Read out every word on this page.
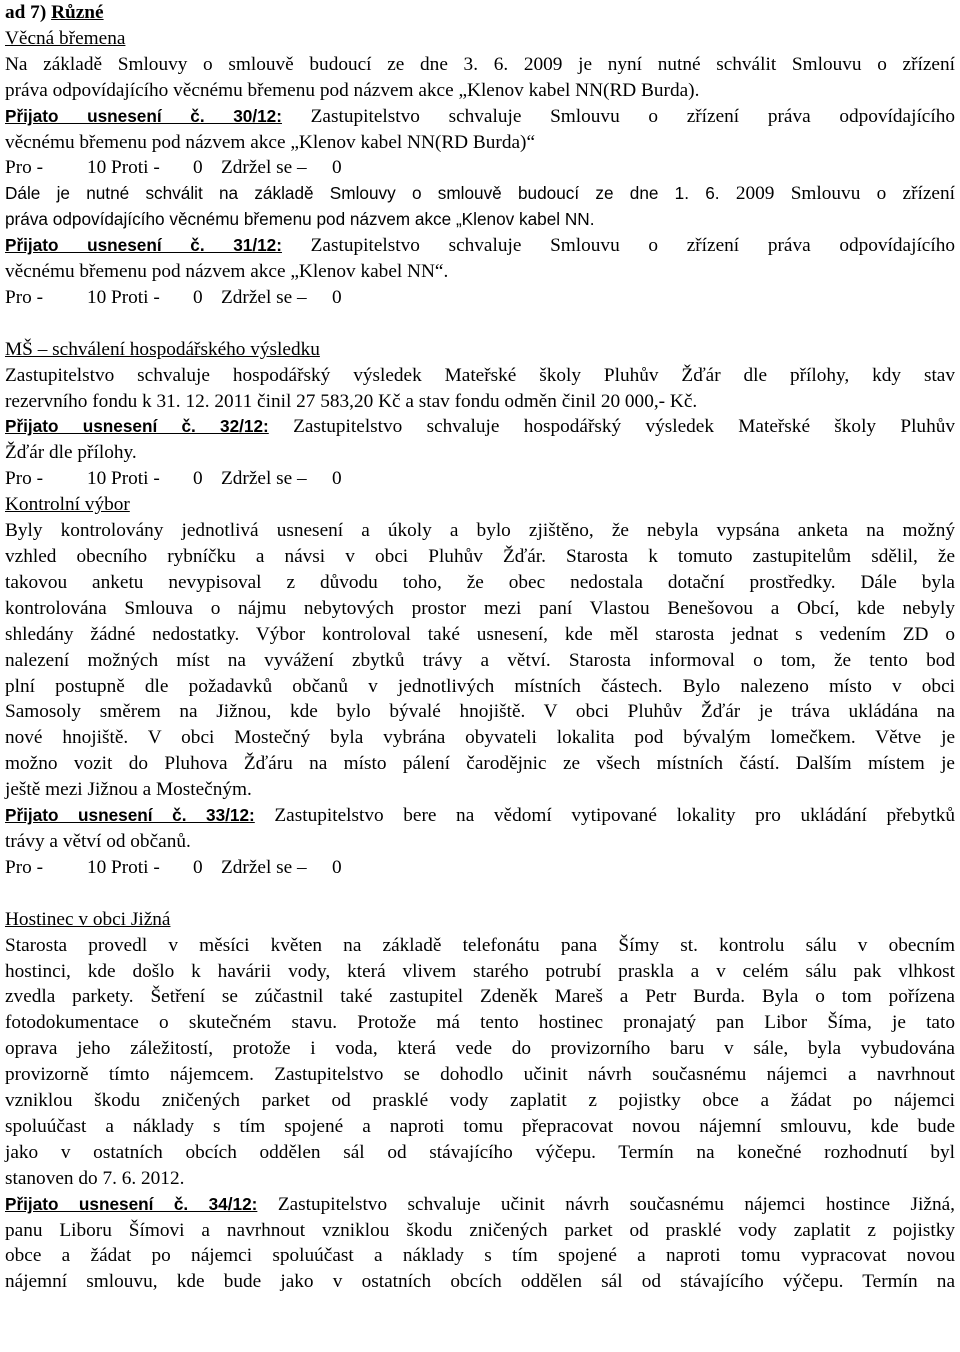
ad 7) Různé
Věcná břemena
Na základě Smlouvy o smlouvě budoucí ze dne 3. 6. 2009 je nyní nutné schválit Smlouvu o zřízení
práva odpovídajícího věcnému břemenu pod názvem akce „Klenov kabel NN(RD Burda).
Přijato usnesení č. 30/12: Zastupitelstvo schvaluje Smlouvu o zřízení práva odpovídajícího
věcnému břemenu pod názvem akce „Klenov kabel NN(RD Burda)“
Pro - 10 Proti - 0 Zdržel se – 0
Dále je nutné schválit na základě Smlouvy o smlouvě budoucí ze dne 1. 6. 2009 Smlouvu o zřízení
práva odpovídajícího věcnému břemenu pod názvem akce „Klenov kabel NN.
Přijato usnesení č. 31/12: Zastupitelstvo schvaluje Smlouvu o zřízení práva odpovídajícího
věcnému břemenu pod názvem akce „Klenov kabel NN“.
Pro - 10 Proti - 0 Zdržel se – 0
MŠ – schválení hospodářského výsledku
Zastupitelstvo schvaluje hospodářský výsledek Mateřské školy Pluhův Žďár dle přílohy, kdy stav
rezervního fondu k 31. 12. 2011 činil 27 583,20 Kč a stav fondu odměn činil 20 000,- Kč.
Přijato usnesení č. 32/12: Zastupitelstvo schvaluje hospodářský výsledek Mateřské školy Pluhův
Žďár dle přílohy.
Pro - 10 Proti - 0 Zdržel se – 0
Kontrolní výbor
Byly kontrolovány jednotlivá usnesení a úkoly a bylo zjištěno, že nebyla vypsána anketa na možný
vzhled obecního rybníčku a návsi v obci Pluhův Žďár. Starosta k tomuto zastupitelům sdělil, že
takovou anketu nevypisoval z důvodu toho, že obec nedostala dotační prostředky. Dále byla
kontrolována Smlouva o nájmu nebytových prostor mezi paní Vlastou Benešovou a Obcí, kde nebyly
shledány žádné nedostatky. Výbor kontroloval také usnesení, kde měl starosta jednat s vedením ZD o
nalezení možných míst na vyvážení zbytků trávy a větví. Starosta informoval o tom, že tento bod
plní postupně dle požadavků občanů v jednotlivých místních částech. Bylo nalezeno místo v obci
Samosoly směrem na Jižnou, kde bylo bývalé hnojiště. V obci Pluhův Žďár je tráva ukládána na
nové hnojiště. V obci Mostečný byla vybrána obyvateli lokalita pod bývalým lomečkem. Větve je
možno vozit do Pluhova Žďáru na místo pálení čarodějnic ze všech místních částí. Dalším místem je
ještě mezi Jižnou a Mostečným.
Přijato usnesení č. 33/12: Zastupitelstvo bere na vědomí vytipované lokality pro ukládání přebytků
trávy a větví od občanů.
Pro - 10 Proti - 0 Zdržel se – 0
Hostinec v obci Jižná
Starosta provedl v měsíci květen na základě telefonátu pana Šímy st. kontrolu sálu v obecním
hostinci, kde došlo k havárii vody, která vlivem starého potrubí praskla a v celém sálu pak vlhkost
zvedla parkety. Šetření se zúčastnil také zastupitel Zdeněk Mareš a Petr Burda. Byla o tom pořízena
fotodokumentace o skutečném stavu. Protože má tento hostinec pronajatý pan Libor Šíma, je tato
oprava jeho záležitostí, protože i voda, která vede do provizorního baru v sále, byla vybudována
provizorně tímto nájemcem. Zastupitelstvo se dohodlo učinit návrh současnému nájemci a navrhnout
vzniklou škodu zničených parket od prasklé vody zaplatit z pojistky obce a žádat po nájemci
spoluúčast a náklady s tím spojené a naproti tomu přepracovat novou nájemní smlouvu, kde bude
jako v ostatních obcích oddělen sál od stávajícího výčepu. Termín na konečné rozhodnutí byl
stanoven do 7. 6. 2012.
Přijato usnesení č. 34/12: Zastupitelstvo schvaluje učinit návrh současnému nájemci hostince Jižná,
panu Liboru Šímovi a navrhnout vzniklou škodu zničených parket od prasklé vody zaplatit z pojistky
obce a žádat po nájemci spoluúčast a náklady s tím spojené a naproti tomu vypracovat novou
nájemní smlouvu, kde bude jako v ostatních obcích oddělen sál od stávajícího výčepu. Termín na
